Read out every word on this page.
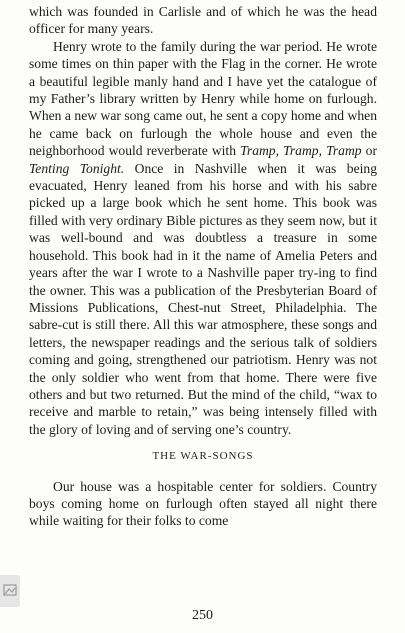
which was founded in Carlisle and of which he was the head officer for many years.

Henry wrote to the family during the war period. He wrote some times on thin paper with the Flag in the corner. He wrote a beautiful legible manly hand and I have yet the catalogue of my Father’s library written by Henry while home on furlough. When a new war song came out, he sent a copy home and when he came back on furlough the whole house and even the neighborhood would reverberate with Tramp, Tramp, Tramp or Tenting Tonight. Once in Nashville when it was being evacuated, Henry leaned from his horse and with his sabre picked up a large book which he sent home. This book was filled with very ordinary Bible pictures as they seem now, but it was well-bound and was doubtless a treasure in some household. This book had in it the name of Amelia Peters and years after the war I wrote to a Nashville paper try-ing to find the owner. This was a publication of the Presbyterian Board of Missions Publications, Chest-nut Street, Philadelphia. The sabre-cut is still there. All this war atmosphere, these songs and letters, the newspaper readings and the serious talk of soldiers coming and going, strengthened our patriotism. Henry was not the only soldier who went from that home. There were five others and but two returned. But the mind of the child, “wax to receive and marble to retain,” was being intensely filled with the glory of loving and of serving one’s country.

THE WAR-SONGS

Our house was a hospitable center for soldiers. Country boys coming home on furlough often stayed all night there while waiting for their folks to come

250
